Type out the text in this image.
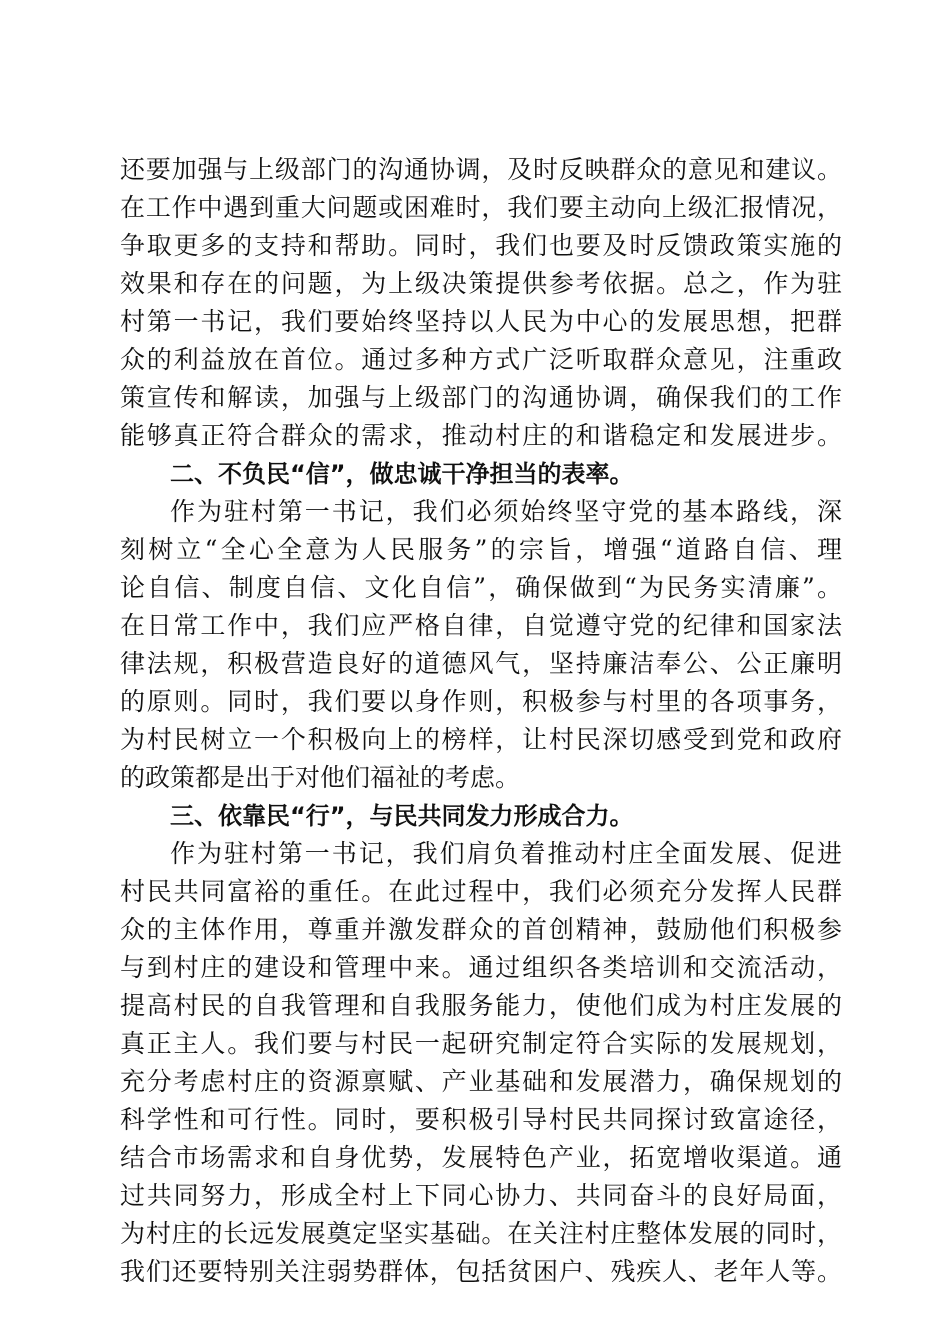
还要加强与上级部门的沟通协调，及时反映群众的意见和建议。
在工作中遇到重大问题或困难时，我们要主动向上级汇报情况，
争取更多的支持和帮助。同时，我们也要及时反馈政策实施的
效果和存在的问题，为上级决策提供参考依据。总之，作为驻
村第一书记，我们要始终坚持以人民为中心的发展思想，把群
众的利益放在首位。通过多种方式广泛听取群众意见，注重政
策宣传和解读，加强与上级部门的沟通协调，确保我们的工作
能够真正符合群众的需求，推动村庄的和谐稳定和发展进步。
二、不负民“信”，做忠诚干净担当的表率。
作为驻村第一书记，我们必须始终坚守党的基本路线，深
刻树立“全心全意为人民服务”的宗旨，增强“道路自信、理
论自信、制度自信、文化自信”，确保做到“为民务实清廉”。
在日常工作中，我们应严格自律，自觉遵守党的纪律和国家法
律法规，积极营造良好的道德风气，坚持廉洁奉公、公正廉明
的原则。同时，我们要以身作则，积极参与村里的各项事务，
为村民树立一个积极向上的榜样，让村民深切感受到党和政府
的政策都是出于对他们福祉的考虑。
三、依靠民“行”，与民共同发力形成合力。
作为驻村第一书记，我们肩负着推动村庄全面发展、促进
村民共同富裕的重任。在此过程中，我们必须充分发挥人民群
众的主体作用，尊重并激发群众的首创精神，鼓励他们积极参
与到村庄的建设和管理中来。通过组织各类培训和交流活动，
提高村民的自我管理和自我服务能力，使他们成为村庄发展的
真正主人。我们要与村民一起研究制定符合实际的发展规划，
充分考虑村庄的资源禀赋、产业基础和发展潜力，确保规划的
科学性和可行性。同时，要积极引导村民共同探讨致富途径，
结合市场需求和自身优势，发展特色产业，拓宽增收渠道。通
过共同努力，形成全村上下同心协力、共同奋斗的良好局面，
为村庄的长远发展奠定坚实基础。在关注村庄整体发展的同时，
我们还要特别关注弱势群体，包括贫困户、残疾人、老年人等。
